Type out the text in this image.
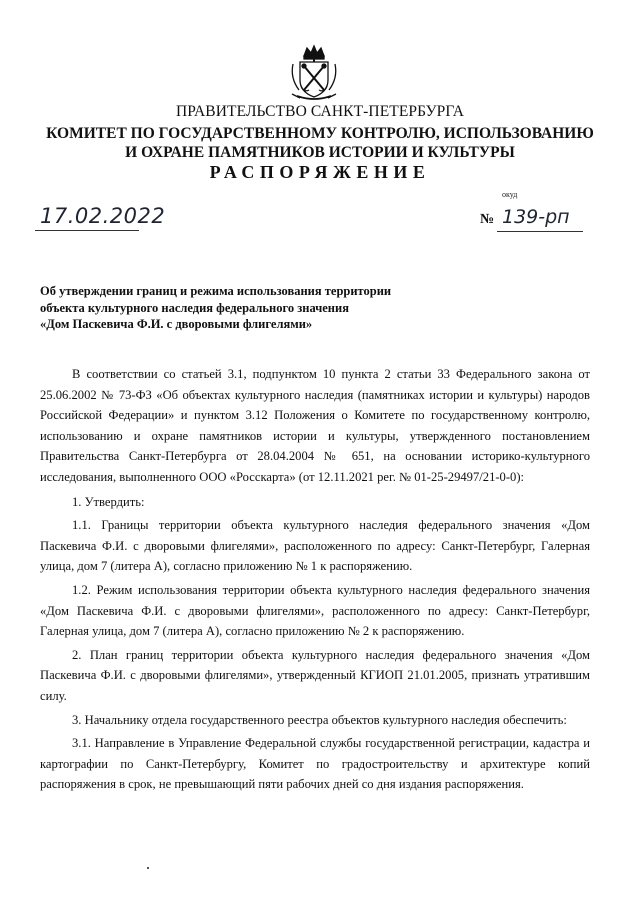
ПРАВИТЕЛЬСТВО САНКТ-ПЕТЕРБУРГА
КОМИТЕТ ПО ГОСУДАРСТВЕННОМУ КОНТРОЛЮ, ИСПОЛЬЗОВАНИЮ
И ОХРАНЕ ПАМЯТНИКОВ ИСТОРИИ И КУЛЬТУРЫ
РАСПОРЯЖЕНИЕ
окуд
17.02.2022	№ 139-рп
Об утверждении границ и режима использования территории
объекта культурного наследия федерального значения
«Дом Паскевича Ф.И. с дворовыми флигелями»

В соответствии со статьей 3.1, подпунктом 10 пункта 2 статьи 33 Федерального закона от 25.06.2002 № 73-ФЗ «Об объектах культурного наследия (памятниках истории и культуры) народов Российской Федерации» и пунктом 3.12 Положения о Комитете по государственному контролю, использованию и охране памятников истории и культуры, утвержденного постановлением Правительства Санкт-Петербурга от 28.04.2004 № 651, на основании историко-культурного исследования, выполненного ООО «Росскарта» (от 12.11.2021 рег. № 01-25-29497/21-0-0):

1. Утвердить:

1.1. Границы территории объекта культурного наследия федерального значения «Дом Паскевича Ф.И. с дворовыми флигелями», расположенного по адресу: Санкт-Петербург, Галерная улица, дом 7 (литера А), согласно приложению № 1 к распоряжению.

1.2. Режим использования территории объекта культурного наследия федерального значения «Дом Паскевича Ф.И. с дворовыми флигелями», расположенного по адресу: Санкт-Петербург, Галерная улица, дом 7 (литера А), согласно приложению № 2 к распоряжению.

2. План границ территории объекта культурного наследия федерального значения «Дом Паскевича Ф.И. с дворовыми флигелями», утвержденный КГИОП 21.01.2005, признать утратившим силу.

3. Начальнику отдела государственного реестра объектов культурного наследия обеспечить:

3.1. Направление в Управление Федеральной службы государственной регистрации, кадастра и картографии по Санкт-Петербургу, Комитет по градостроительству и архитектуре копий распоряжения в срок, не превышающий пяти рабочих дней со дня издания распоряжения.
